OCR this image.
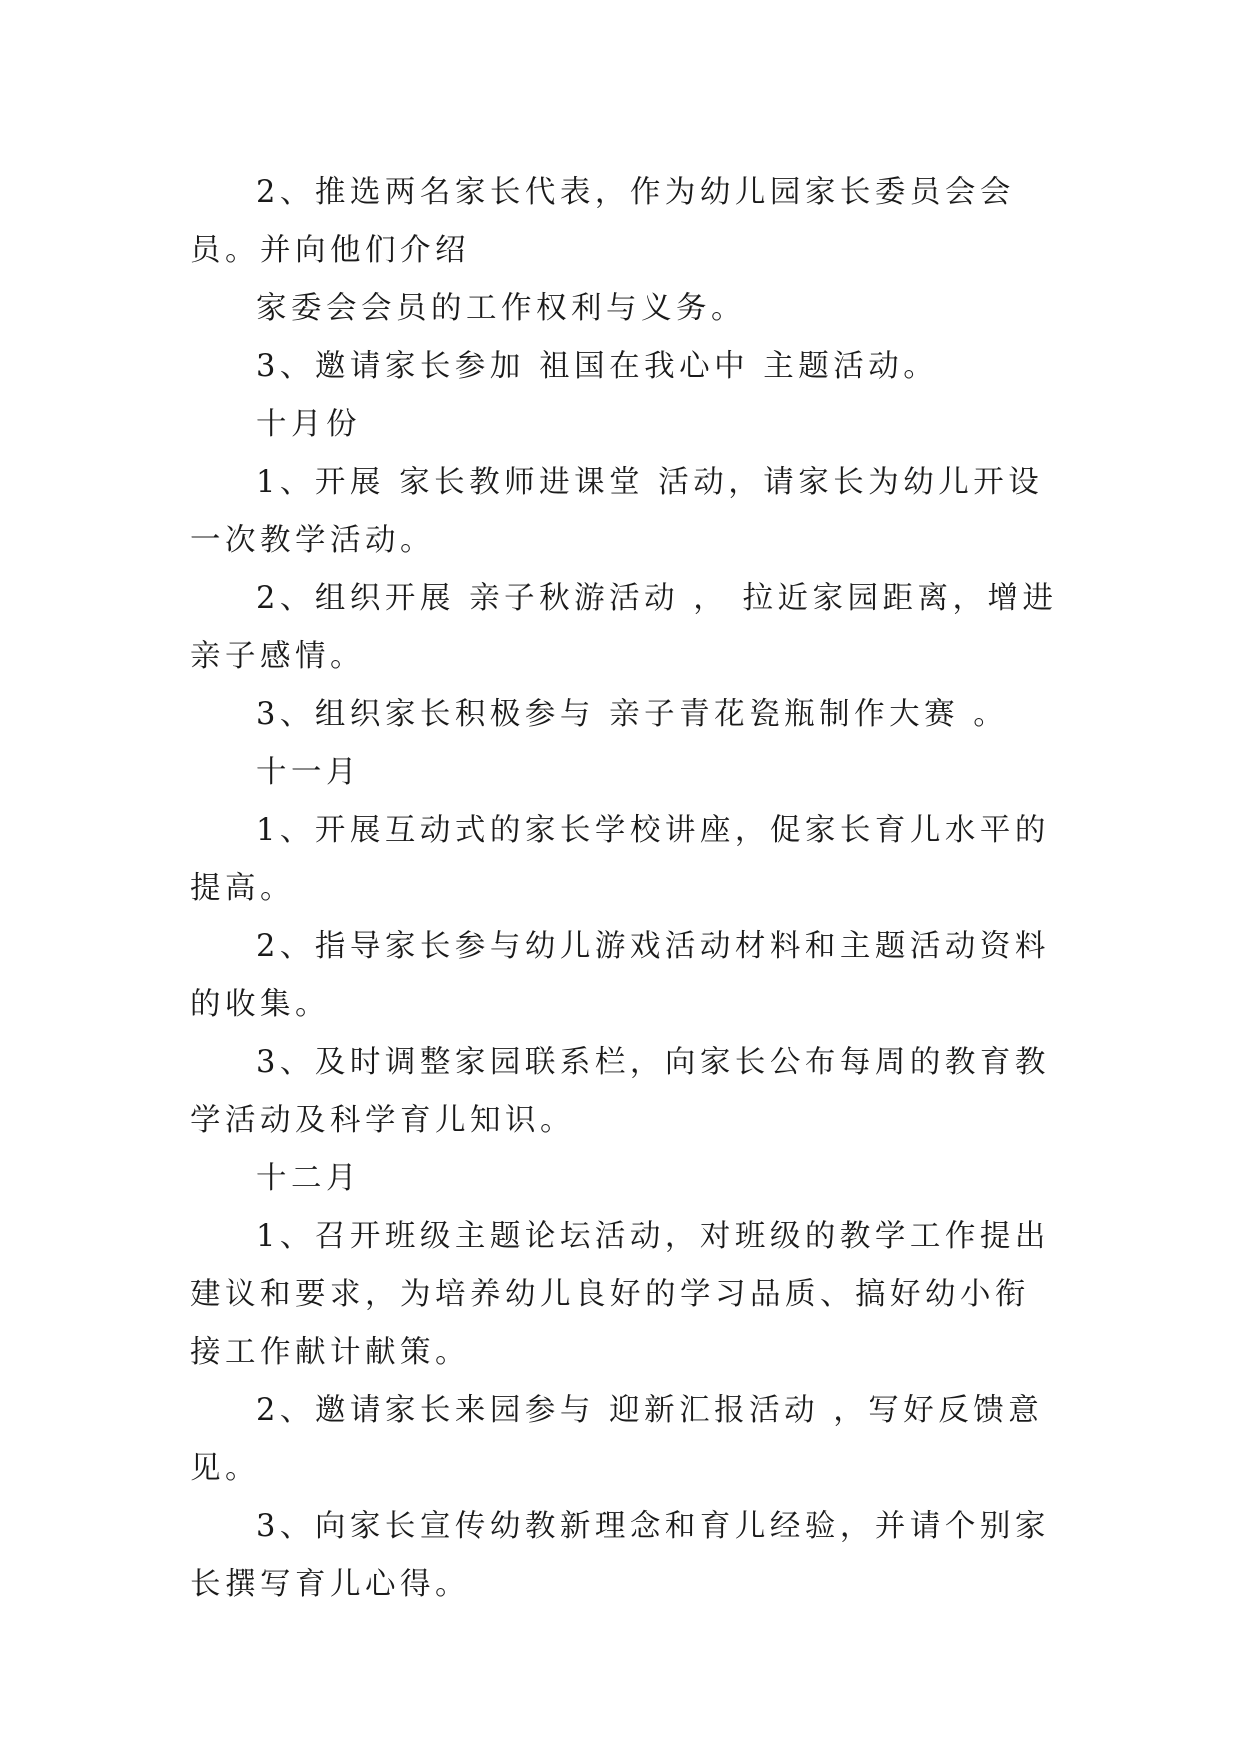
2、推选两名家长代表，作为幼儿园家长委员会会员。并向他们介绍

家委会会员的工作权利与义务。

3、邀请家长参加 祖国在我心中 主题活动。

十月份

1、开展 家长教师进课堂 活动，请家长为幼儿开设一次教学活动。

2、组织开展 亲子秋游活动 ， 拉近家园距离，增进亲子感情。

3、组织家长积极参与 亲子青花瓷瓶制作大赛 。

十一月

1、开展互动式的家长学校讲座，促家长育儿水平的提高。

2、指导家长参与幼儿游戏活动材料和主题活动资料的收集。

3、及时调整家园联系栏，向家长公布每周的教育教学活动及科学育儿知识。

十二月

1、召开班级主题论坛活动，对班级的教学工作提出建议和要求，为培养幼儿良好的学习品质、搞好幼小衔接工作献计献策。

2、邀请家长来园参与 迎新汇报活动 ，写好反馈意见。

3、向家长宣传幼教新理念和育儿经验，并请个别家长撰写育儿心得。
